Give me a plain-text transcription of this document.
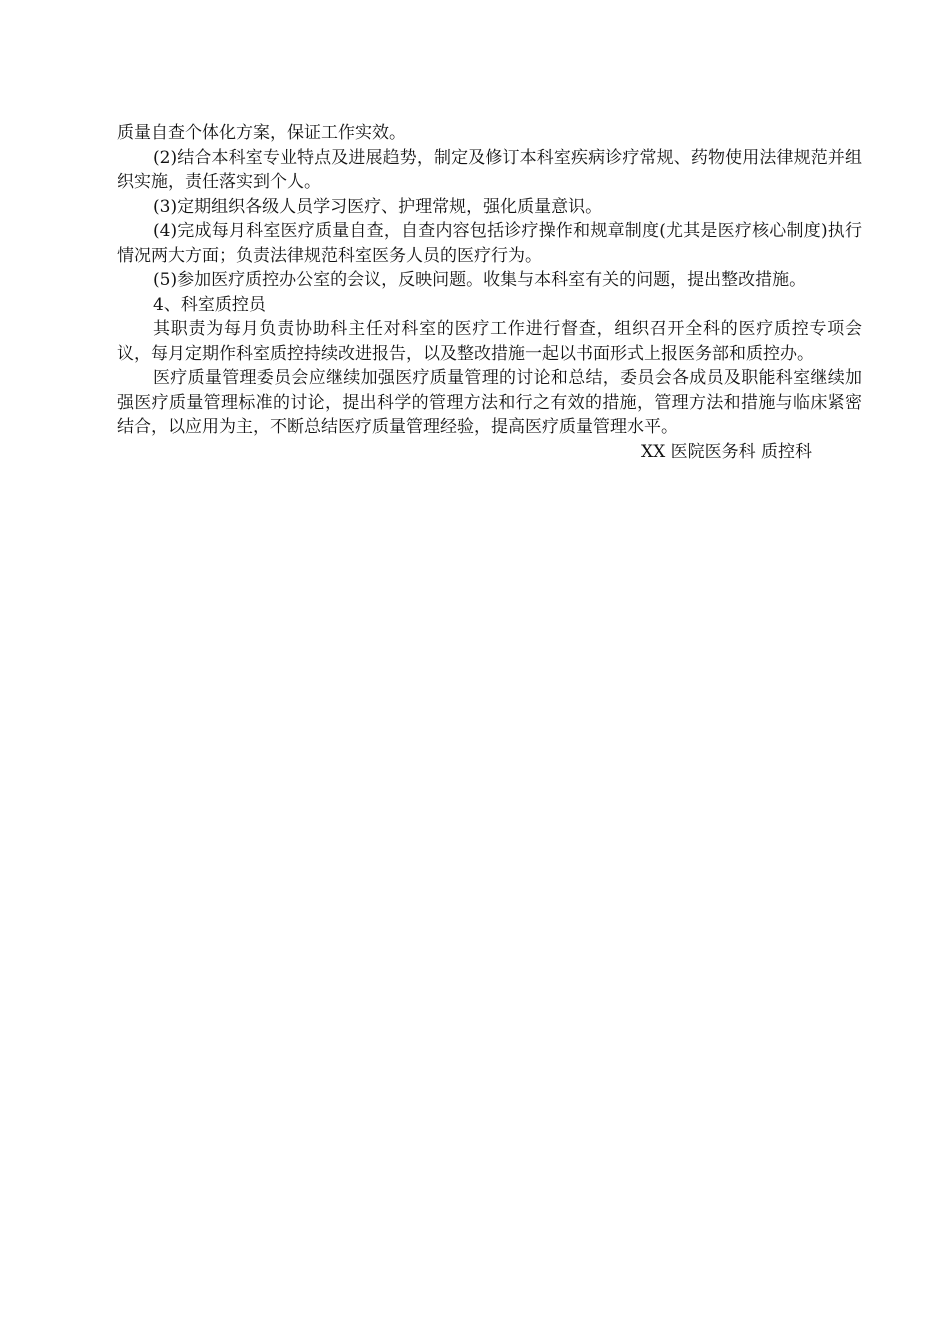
质量自查个体化方案，保证工作实效。

(2)结合本科室专业特点及进展趋势，制定及修订本科室疾病诊疗常规、药物使用法律规范并组织实施，责任落实到个人。

(3)定期组织各级人员学习医疗、护理常规，强化质量意识。

(4)完成每月科室医疗质量自查，自查内容包括诊疗操作和规章制度(尤其是医疗核心制度)执行情况两大方面；负责法律规范科室医务人员的医疗行为。

(5)参加医疗质控办公室的会议，反映问题。收集与本科室有关的问题，提出整改措施。

4、科室质控员

其职责为每月负责协助科主任对科室的医疗工作进行督查，组织召开全科的医疗质控专项会议，每月定期作科室质控持续改进报告，以及整改措施一起以书面形式上报医务部和质控办。

医疗质量管理委员会应继续加强医疗质量管理的讨论和总结，委员会各成员及职能科室继续加强医疗质量管理标准的讨论，提出科学的管理方法和行之有效的措施，管理方法和措施与临床紧密结合，以应用为主，不断总结医疗质量管理经验，提高医疗质量管理水平。

XX 医院医务科 质控科
